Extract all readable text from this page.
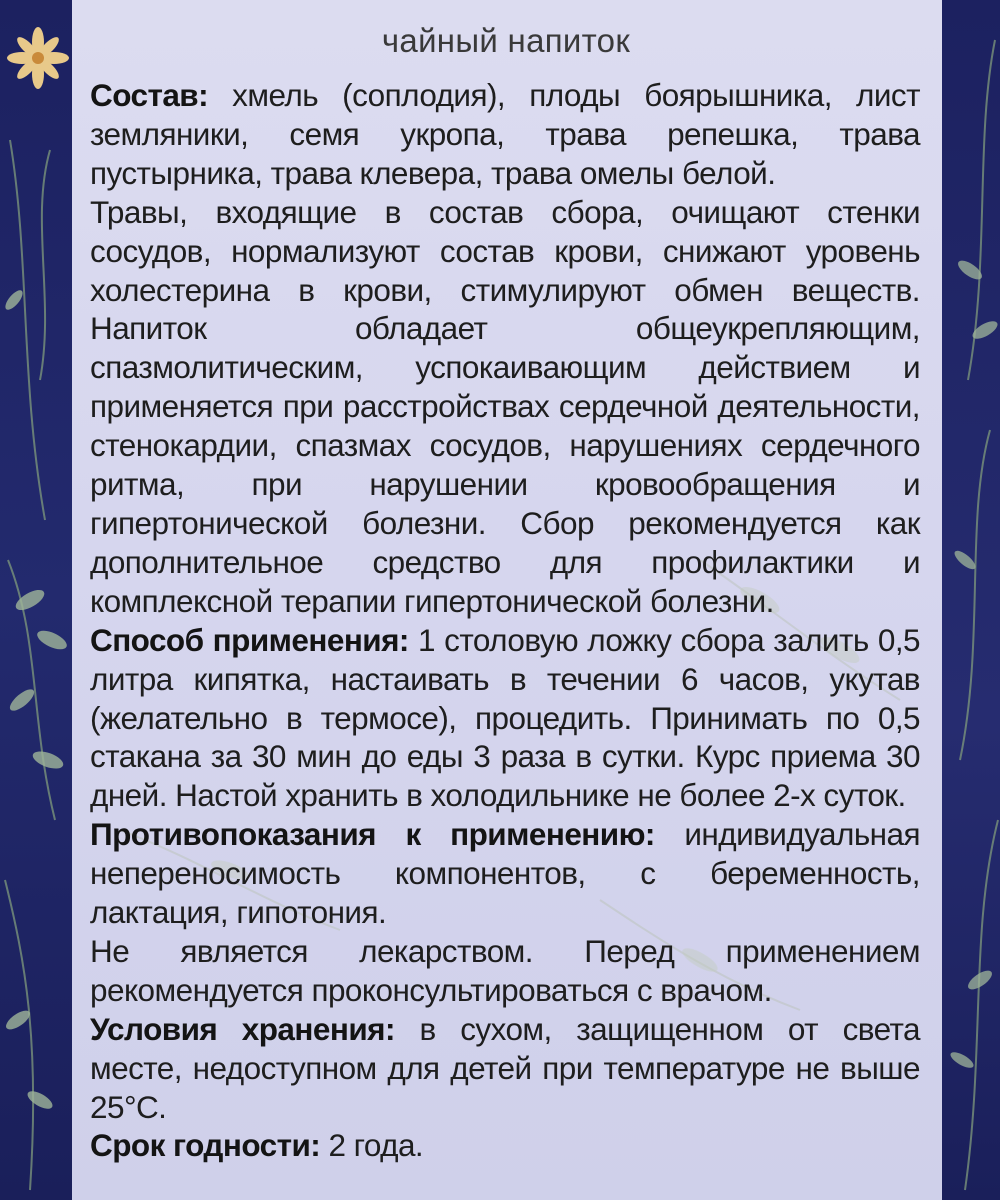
чайный напиток

Состав: хмель (соплодия), плоды боярышника, лист земляники, семя укропа, трава репешка, трава пустырника, трава клевера, трава омелы белой.

Травы, входящие в состав сбора, очищают стенки сосудов, нормализуют состав крови, снижают уровень холестерина в крови, стимулируют обмен веществ. Напиток обладает общеукрепляющим, спазмолитическим, успокаивающим действием и применяется при расстройствах сердечной деятельности, стенокардии, спазмах сосудов, нарушениях сердечного ритма, при нарушении кровообращения и гипертонической болезни. Сбор рекомендуется как дополнительное средство для профилактики и комплексной терапии гипертонической болезни.

Способ применения: 1 столовую ложку сбора залить 0,5 литра кипятка, настаивать в течении 6 часов, укутав (желательно в термосе), процедить. Принимать по 0,5 стакана за 30 мин до еды 3 раза в сутки. Курс приема 30 дней. Настой хранить в холодильнике не более 2-х суток.

Противопоказания к применению: индивидуальная непереносимость компонентов, с беременность, лактация, гипотония.

Не является лекарством. Перед применением рекомендуется проконсультироваться с врачом.

Условия хранения: в сухом, защищенном от света месте, недоступном для детей при температуре не выше 25°С.

Срок годности: 2 года.
